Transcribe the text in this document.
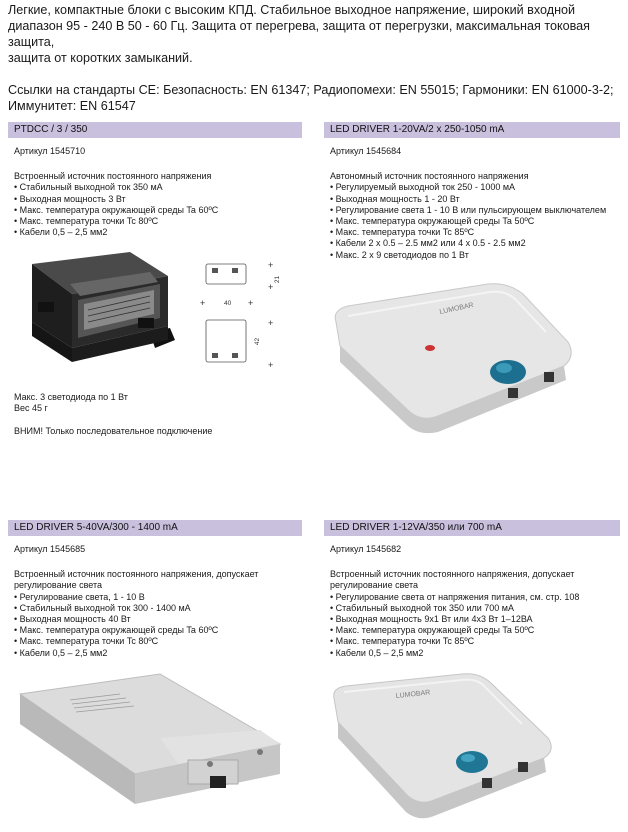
Легкие, компактные блоки с высоким КПД. Стабильное выходное напряжение, широкий входной

диапазон 95 - 240 В 50 - 60 Гц. Защита от перегрева, защита от перегрузки, максимальная токовая защита,

защита от коротких замыканий.

Ссылки на стандарты CE: Безопасность: EN 61347; Радиопомехи: EN 55015; Гармоники: EN 61000-3-2;

Иммунитет: EN 61547

PTDCC / 3 / 350

Артикул 1545710

Встроенный источник постоянного напряжения

• Стабильный выходной ток 350 мА
• Выходная мощность 3 Вт
• Макс. температура окружающей среды Ta 60ºC
• Макс. температура точки Tc 80ºC
• Кабели 0,5 – 2,5 мм2
+
+
+	+
+
+
40
21
42

Макс. 3 светодиода по 1 Вт

Вес 45 г

ВНИМ! Только последовательное подключение

LED DRIVER 1-20VA/2 x 250-1050 mA

Артикул 1545684

Автономный источник постоянного напряжения

• Регулируемый выходной ток 250 - 1000 мА
• Выходная мощность 1 - 20 Вт
• Регулирование света 1 - 10 В или пульсирующем выключателем
• Макс. температура окружающей среды Ta 50ºC
• Макс. температура точки Tc 85ºC
• Кабели 2 x 0.5 – 2.5 мм2 или 4 x 0.5 - 2.5 мм2
• Макс. 2 x 9 светодиодов по 1 Вт
LUMOBAR
LED DRIVER 5-40VA/300 - 1400 mA

Артикул 1545685

Встроенный источник постоянного напряжения, допускает регулирование света

• Регулирование света, 1 - 10 В
• Стабильный выходной ток 300 - 1400 мА
• Выходная мощность 40 Вт
• Макс. температура окружающей среды Ta 60ºC
• Макс. температура точки Tc 80ºC
• Кабели 0,5 – 2,5 мм2
LED DRIVER 1-12VA/350 или 700 mA

Артикул 1545682

Встроенный источник постоянного напряжения, допускает регулирование света

• Регулирование света от напряжения питания, см. стр. 108
• Стабильный выходной ток 350 или 700 мА
• Выходная мощность 9x1 Вт или 4x3 Вт 1–12ВА
• Макс. температура окружающей среды Ta 50ºC
• Макс. температура точки Tc 85ºC
• Кабели 0,5 – 2,5 мм2
LUMOBAR
